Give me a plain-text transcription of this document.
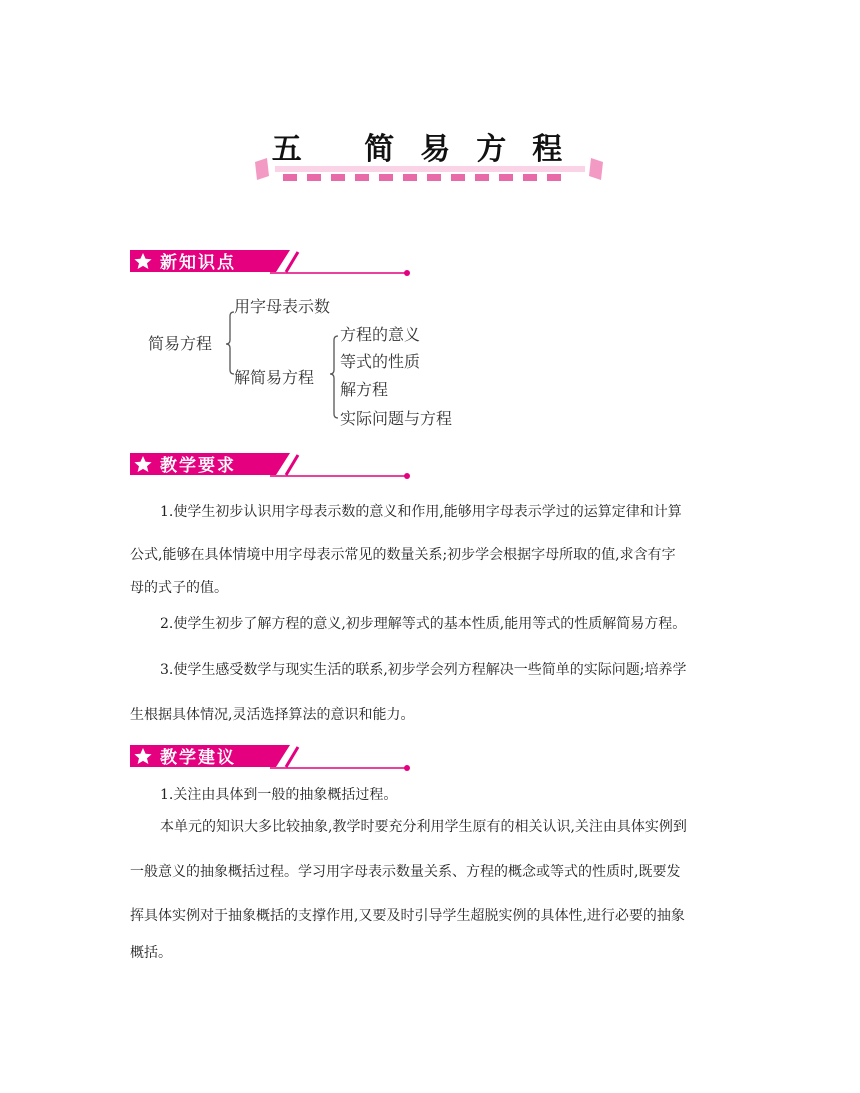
五 简易方程
新知识点
简易方程
用字母表示数
解简易方程
方程的意义
等式的性质
解方程
实际问题与方程
教学要求
1.使学生初步认识用字母表示数的意义和作用,能够用字母表示学过的运算定律和计算
公式,能够在具体情境中用字母表示常见的数量关系;初步学会根据字母所取的值,求含有字
母的式子的值。
2.使学生初步了解方程的意义,初步理解等式的基本性质,能用等式的性质解简易方程。
3.使学生感受数学与现实生活的联系,初步学会列方程解决一些简单的实际问题;培养学
生根据具体情况,灵活选择算法的意识和能力。
教学建议
1.关注由具体到一般的抽象概括过程。
本单元的知识大多比较抽象,教学时要充分利用学生原有的相关认识,关注由具体实例到
一般意义的抽象概括过程。学习用字母表示数量关系、方程的概念或等式的性质时,既要发
挥具体实例对于抽象概括的支撑作用,又要及时引导学生超脱实例的具体性,进行必要的抽象
概括。
